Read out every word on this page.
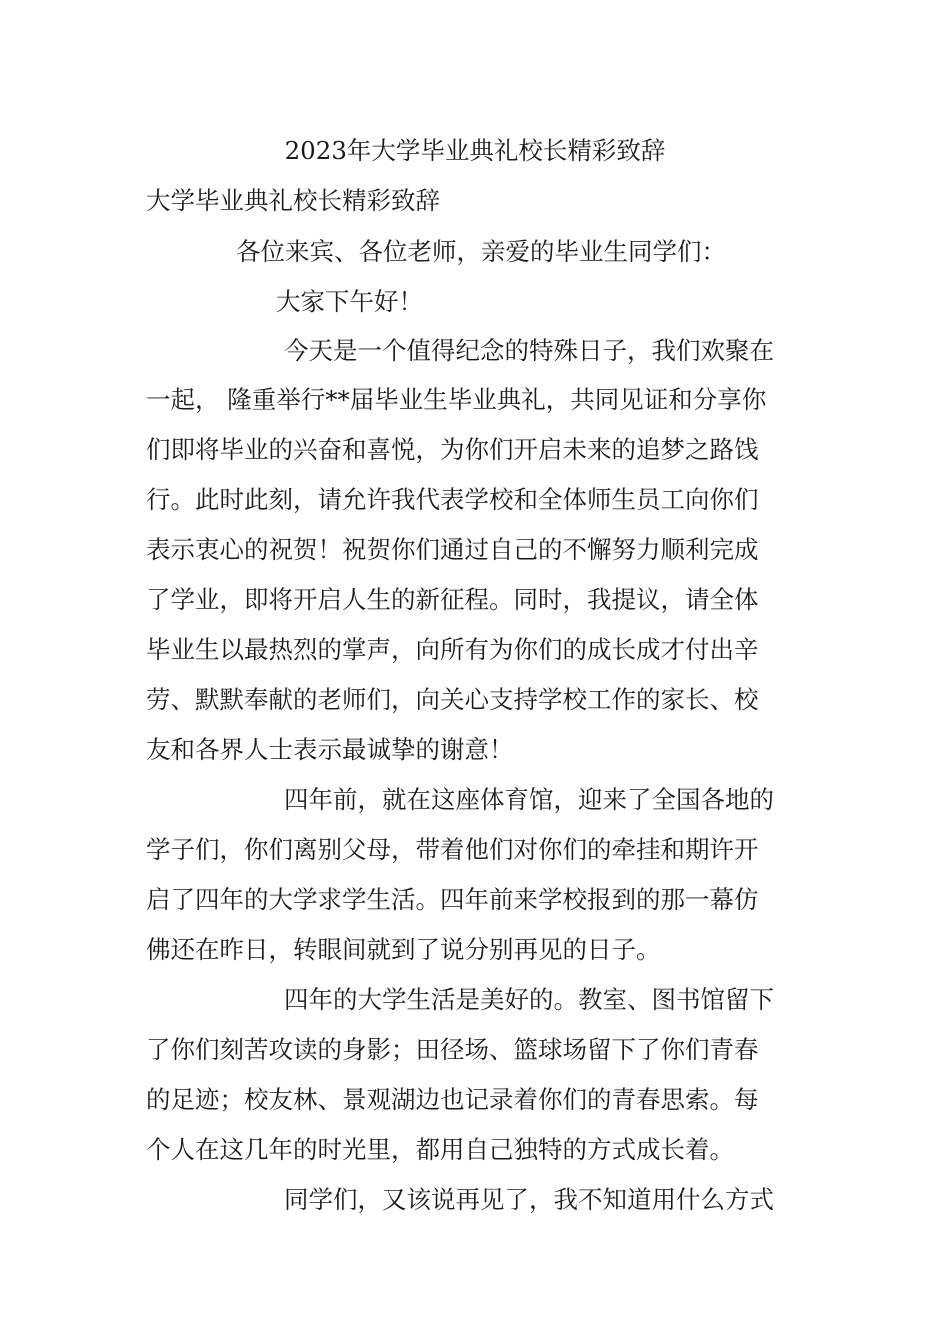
2023年大学毕业典礼校长精彩致辞
大学毕业典礼校长精彩致辞
各位来宾、各位老师，亲爱的毕业生同学们：
大家下午好！
今天是一个值得纪念的特殊日子，我们欢聚在
一起， 隆重举行**届毕业生毕业典礼，共同见证和分享你
们即将毕业的兴奋和喜悦，为你们开启未来的追梦之路饯
行。此时此刻，请允许我代表学校和全体师生员工向你们
表示衷心的祝贺！祝贺你们通过自己的不懈努力顺利完成
了学业，即将开启人生的新征程。同时，我提议，请全体
毕业生以最热烈的掌声，向所有为你们的成长成才付出辛
劳、默默奉献的老师们，向关心支持学校工作的家长、校
友和各界人士表示最诚挚的谢意！
四年前，就在这座体育馆，迎来了全国各地的
学子们，你们离别父母，带着他们对你们的牵挂和期许开
启了四年的大学求学生活。四年前来学校报到的那一幕仿
佛还在昨日，转眼间就到了说分别再见的日子。
四年的大学生活是美好的。教室、图书馆留下
了你们刻苦攻读的身影；田径场、篮球场留下了你们青春
的足迹；校友林、景观湖边也记录着你们的青春思索。每
个人在这几年的时光里，都用自己独特的方式成长着。
同学们，又该说再见了，我不知道用什么方式
